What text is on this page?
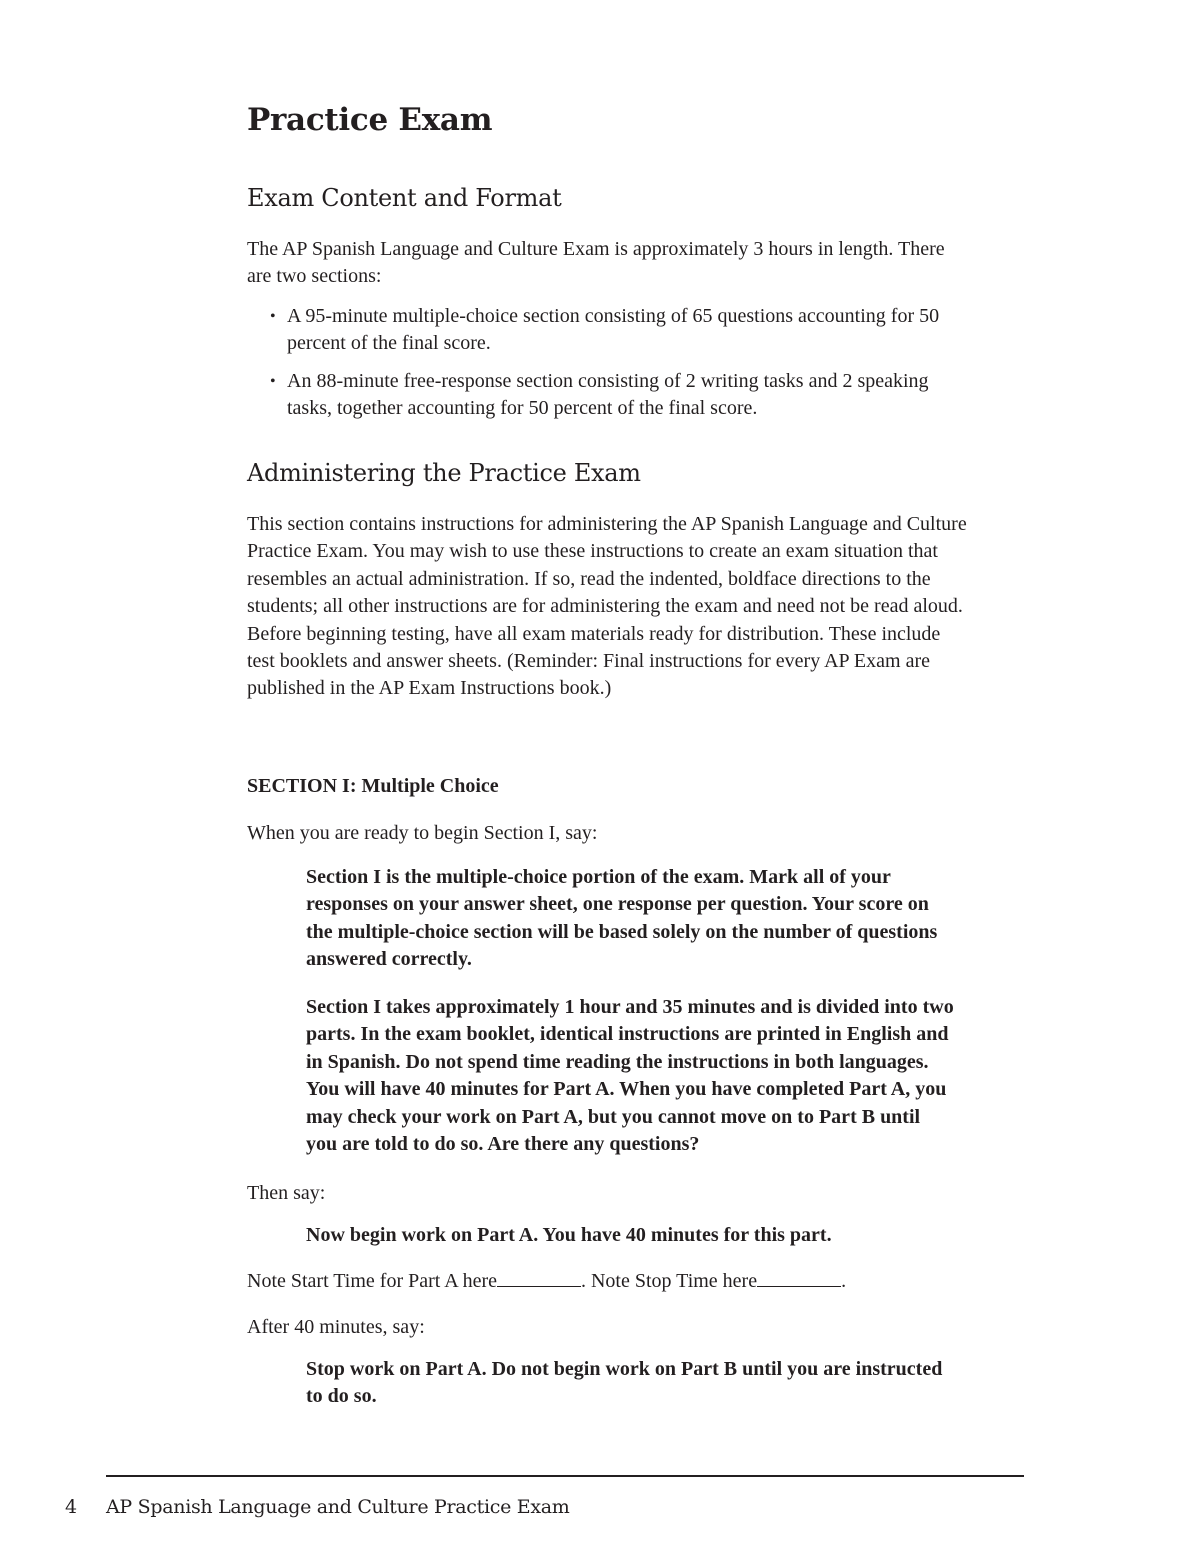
Practice Exam
Exam Content and Format

The AP Spanish Language and Culture Exam is approximately 3 hours in length. There are two sections:

• A 95-minute multiple-choice section consisting of 65 questions accounting for 50 percent of the final score.
• An 88-minute free-response section consisting of 2 writing tasks and 2 speaking tasks, together accounting for 50 percent of the final score.
Administering the Practice Exam

This section contains instructions for administering the AP Spanish Language and Culture Practice Exam. You may wish to use these instructions to create an exam situation that resembles an actual administration. If so, read the indented, boldface directions to the students; all other instructions are for administering the exam and need not be read aloud. Before beginning testing, have all exam materials ready for distribution. These include test booklets and answer sheets. (Reminder: Final instructions for every AP Exam are published in the AP Exam Instructions book.)

SECTION I: Multiple Choice

When you are ready to begin Section I, say:

Section I is the multiple-choice portion of the exam. Mark all of your responses on your answer sheet, one response per question. Your score on the multiple-choice section will be based solely on the number of questions answered correctly.

Section I takes approximately 1 hour and 35 minutes and is divided into two parts. In the exam booklet, identical instructions are printed in English and in Spanish. Do not spend time reading the instructions in both languages. You will have 40 minutes for Part A. When you have completed Part A, you may check your work on Part A, but you cannot move on to Part B until you are told to do so. Are there any questions?

Then say:

Now begin work on Part A. You have 40 minutes for this part.

Note Start Time for Part A here	. Note Stop Time here	.

After 40 minutes, say:

Stop work on Part A. Do not begin work on Part B until you are instructed to do so.

4 AP Spanish Language and Culture Practice Exam
